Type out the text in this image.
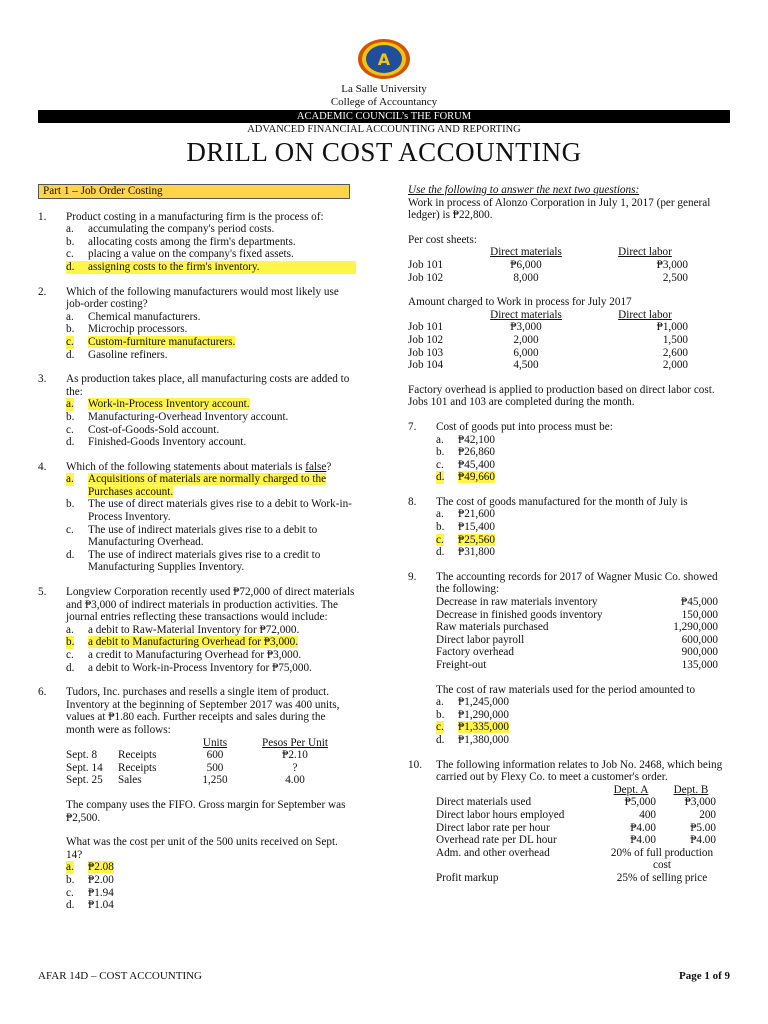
A
La Salle University
College of Accountancy
ACADEMIC COUNCIL’s THE FORUM
ADVANCED FINANCIAL ACCOUNTING AND REPORTING
DRILL ON COST ACCOUNTING
Part 1 – Job Order Costing
1. Product costing in a manufacturing firm is the process of:
a. accumulating the company's period costs.
b. allocating costs among the firm's departments.
c. placing a value on the company's fixed assets.
d. assigning costs to the firm's inventory.
2. Which of the following manufacturers would most likely use job-order costing?
a. Chemical manufacturers.
b. Microchip processors.
c. Custom-furniture manufacturers.
d. Gasoline refiners.
3. As production takes place, all manufacturing costs are added to the:
a. Work-in-Process Inventory account.
b. Manufacturing-Overhead Inventory account.
c. Cost-of-Goods-Sold account.
d. Finished-Goods Inventory account.
4. Which of the following statements about materials is false?
a. Acquisitions of materials are normally charged to the Purchases account.
b. The use of direct materials gives rise to a debit to Work-in-Process Inventory.
c. The use of indirect materials gives rise to a debit to Manufacturing Overhead.
d. The use of indirect materials gives rise to a credit to Manufacturing Supplies Inventory.
5. Longview Corporation recently used ₱72,000 of direct materials and ₱3,000 of indirect materials in production activities. The journal entries reflecting these transactions would include:
a. a debit to Raw-Material Inventory for ₱72,000.
b. a debit to Manufacturing Overhead for ₱3,000.
c. a credit to Manufacturing Overhead for ₱3,000.
d. a debit to Work-in-Process Inventory for ₱75,000.
6. Tudors, Inc. purchases and resells a single item of product. Inventory at the beginning of September 2017 was 400 units, values at ₱1.80 each. Further receipts and sales during the month were as follows:
Units	Pesos Per Unit
Sept. 8	Receipts	600	₱2.10
Sept. 14	Receipts	500	?
Sept. 25	Sales	1,250	4.00
The company uses the FIFO. Gross margin for September was ₱2,500.
What was the cost per unit of the 500 units received on Sept. 14?
a. ₱2.08
b. ₱2.00
c. ₱1.94
d. ₱1.04
Use the following to answer the next two questions:
Work in process of Alonzo Corporation in July 1, 2017 (per general ledger) is ₱22,800.
Per cost sheets:
Direct materials	Direct labor
Job 101	₱6,000	₱3,000
Job 102	8,000	2,500
Amount charged to Work in process for July 2017
Direct materials	Direct labor
Job 101	₱3,000	₱1,000
Job 102	2,000	1,500
Job 103	6,000	2,600
Job 104	4,500	2,000
Factory overhead is applied to production based on direct labor cost. Jobs 101 and 103 are completed during the month.
7. Cost of goods put into process must be:
a. ₱42,100
b. ₱26,860
c. ₱45,400
d. ₱49,660
8. The cost of goods manufactured for the month of July is
a. ₱21,600
b. ₱15,400
c. ₱25,560
d. ₱31,800
9. The accounting records for 2017 of Wagner Music Co. showed the following:
Decrease in raw materials inventory	₱45,000
Decrease in finished goods inventory	150,000
Raw materials purchased	1,290,000
Direct labor payroll	600,000
Factory overhead	900,000
Freight-out	135,000
The cost of raw materials used for the period amounted to
a. ₱1,245,000
b. ₱1,290,000
c. ₱1,335,000
d. ₱1,380,000
10. The following information relates to Job No. 2468, which being carried out by Flexy Co. to meet a customer's order.
Dept. A	Dept. B
Direct materials used	₱5,000	₱3,000
Direct labor hours employed	400	200
Direct labor rate per hour	₱4.00	₱5.00
Overhead rate per DL hour	₱4.00	₱4.00
Adm. and other overhead	20% of full production cost
Profit markup	25% of selling price
AFAR 14D – COST ACCOUNTING	Page 1 of 9
